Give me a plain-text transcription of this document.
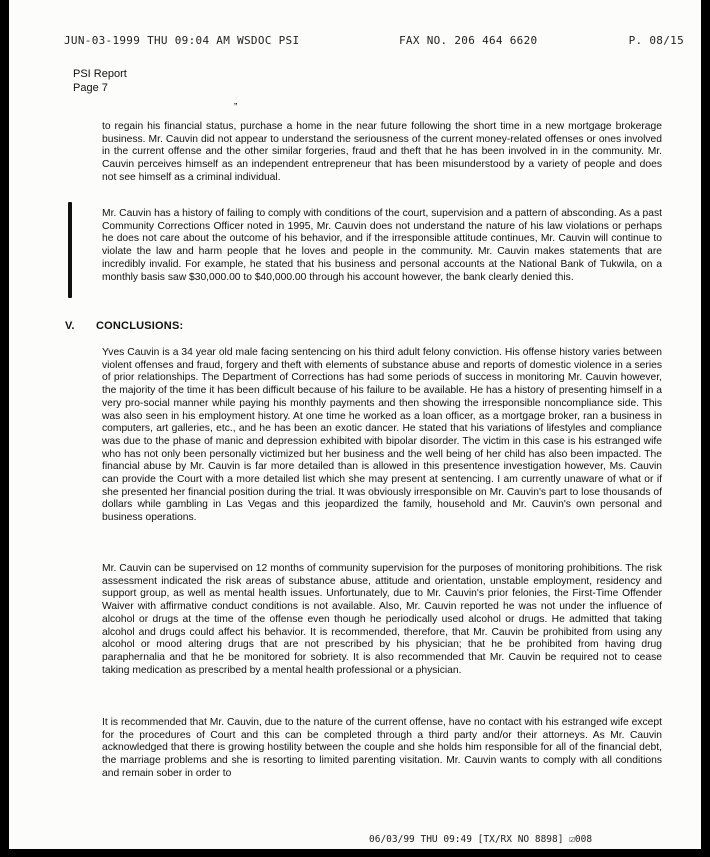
JUN-03-1999 THU 09:04 AM WSDOC PSI	FAX NO. 206 464 6620	P. 08/15
PSI Report
Page 7
„
to regain his financial status, purchase a home in the near future following the short time in a new mortgage brokerage business. Mr. Cauvin did not appear to understand the seriousness of the current money-related offenses or ones involved in the current offense and the other similar forgeries, fraud and theft that he has been involved in in the community. Mr. Cauvin perceives himself as an independent entrepreneur that has been misunderstood by a variety of people and does not see himself as a criminal individual.
Mr. Cauvin has a history of failing to comply with conditions of the court, supervision and a pattern of absconding. As a past Community Corrections Officer noted in 1995, Mr. Cauvin does not understand the nature of his law violations or perhaps he does not care about the outcome of his behavior, and if the irresponsible attitude continues, Mr. Cauvin will continue to violate the law and harm people that he loves and people in the community. Mr. Cauvin makes statements that are incredibly invalid. For example, he stated that his business and personal accounts at the National Bank of Tukwila, on a monthly basis saw $30,000.00 to $40,000.00 through his account however, the bank clearly denied this.
V. CONCLUSIONS:
Yves Cauvin is a 34 year old male facing sentencing on his third adult felony conviction. His offense history varies between violent offenses and fraud, forgery and theft with elements of substance abuse and reports of domestic violence in a series of prior relationships. The Department of Corrections has had some periods of success in monitoring Mr. Cauvin however, the majority of the time it has been difficult because of his failure to be available. He has a history of presenting himself in a very pro-social manner while paying his monthly payments and then showing the irresponsible noncompliance side. This was also seen in his employment history. At one time he worked as a loan officer, as a mortgage broker, ran a business in computers, art galleries, etc., and he has been an exotic dancer. He stated that his variations of lifestyles and compliance was due to the phase of manic and depression exhibited with bipolar disorder. The victim in this case is his estranged wife who has not only been personally victimized but her business and the well being of her child has also been impacted. The financial abuse by Mr. Cauvin is far more detailed than is allowed in this presentence investigation however, Ms. Cauvin can provide the Court with a more detailed list which she may present at sentencing. I am currently unaware of what or if she presented her financial position during the trial. It was obviously irresponsible on Mr. Cauvin's part to lose thousands of dollars while gambling in Las Vegas and this jeopardized the family, household and Mr. Cauvin's own personal and business operations.
Mr. Cauvin can be supervised on 12 months of community supervision for the purposes of monitoring prohibitions. The risk assessment indicated the risk areas of substance abuse, attitude and orientation, unstable employment, residency and support group, as well as mental health issues. Unfortunately, due to Mr. Cauvin's prior felonies, the First-Time Offender Waiver with affirmative conduct conditions is not available. Also, Mr. Cauvin reported he was not under the influence of alcohol or drugs at the time of the offense even though he periodically used alcohol or drugs. He admitted that taking alcohol and drugs could affect his behavior. It is recommended, therefore, that Mr. Cauvin be prohibited from using any alcohol or mood altering drugs that are not prescribed by his physician; that he be prohibited from having drug paraphernalia and that he be monitored for sobriety. It is also recommended that Mr. Cauvin be required not to cease taking medication as prescribed by a mental health professional or a physician.
It is recommended that Mr. Cauvin, due to the nature of the current offense, have no contact with his estranged wife except for the procedures of Court and this can be completed through a third party and/or their attorneys. As Mr. Cauvin acknowledged that there is growing hostility between the couple and she holds him responsible for all of the financial debt, the marriage problems and she is resorting to limited parenting visitation. Mr. Cauvin wants to comply with all conditions and remain sober in order to
06/03/99 THU 09:49 [TX/RX NO 8898] ☑008
